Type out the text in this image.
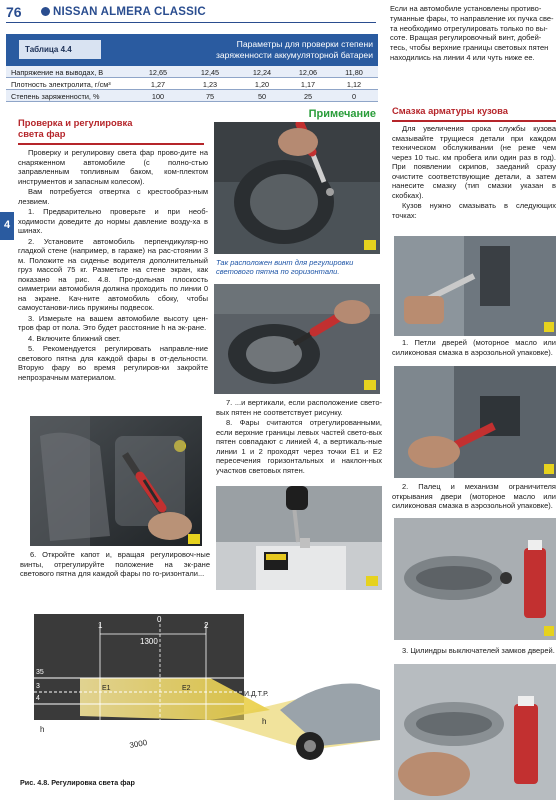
76	NISSAN ALMERA CLASSIC	Если на автомобиле установлены противо-
туманные фары, то направление их пучка све-
та необходимо отрегулировать только по вы-
соте. Вращая регулировочный винт, добей-
тесь, чтобы верхние границы световых пятен
находились на линии 4 или чуть ниже ее.
Таблица 4.4
Параметры для проверки степени
заряженности аккумуляторной батареи
Напряжение на выводах, В	12,65	12,45	12,24	12,06	11,80
Плотность электролита, г/см³	1,27	1,23	1,20	1,17	1,12
Степень заряженности, %	100	75	50	25	0
4
Проверка и регулировка
света фар

Проверку и регулировку света фар прово-дите на снаряженном автомобиле (с полно-стью заправленным топливным баком, ком-плектом инструментов и запасным колесом).

Вам потребуется отвертка с крестообраз-ным лезвием.

1. Предварительно проверьте и при необ-ходимости доведите до нормы давление возду-ха в шинах.

2. Установите автомобиль перпендикуляр-но гладкой стене (например, в гараже) на рас-стоянии 3 м. Положите на сиденье водителя дополнительный груз массой 75 кг. Разметьте на стене экран, как показано на рис. 4.8. Про-дольная плоскость симметрии автомобиля должна проходить по линии 0 на экране. Кач-ните автомобиль сбоку, чтобы самоустанови-лись пружины подвесок.

3. Измерьте на вашем автомобиле высоту цен-тров фар от пола. Это будет расстояние h на эк-ране.

4. Включите ближний свет.

5. Рекомендуется регулировать направле-ние светового пятна для каждой фары в от-дельности. Вторую фару во время регулиров-ки закройте непрозрачным материалом.

6. Откройте капот и, вращая регулировоч-ные винты, отрегулируйте положение на эк-ране светового пятна для каждой фары по го-ризонтали...

Примечание
Так расположен винт для регулировки
светового пятна по горизонтали.

7. ...и вертикали, если расположение свето-вых пятен не соответствует рисунку.

8. Фары считаются отрегулированными, если верхние границы левых частей свето-вых пятен совпадают с линией 4, а вертикаль-ные линии 1 и 2 проходят через точки E1 и E2 пересечения горизонтальных и наклон-ных участков световых пятен.

1	2
0
1300
35
3
4
E1	E2
И.Д.Т.Р.
h
h
3000
Рис. 4.8. Регулировка света фар
Смазка арматуры кузова

Для увеличения срока службы кузова смазывайте трущиеся детали при каждом техническом обслуживании (не реже чем через 10 тыс. км пробега или один раз в год). При появлении скрипов, заеданий сразу очистите соответствующие детали, а затем нанесите смазку (тип смазки указан в скобках).

Кузов нужно смазывать в следующих точках:

1. Петли дверей (моторное масло или силиконовая смазка в аэрозольной упаковке).

2. Палец и механизм ограничителя открывания двери (моторное масло или силиконовая смазка в аэрозольной упаковке).

3. Цилиндры выключателей замков дверей.
